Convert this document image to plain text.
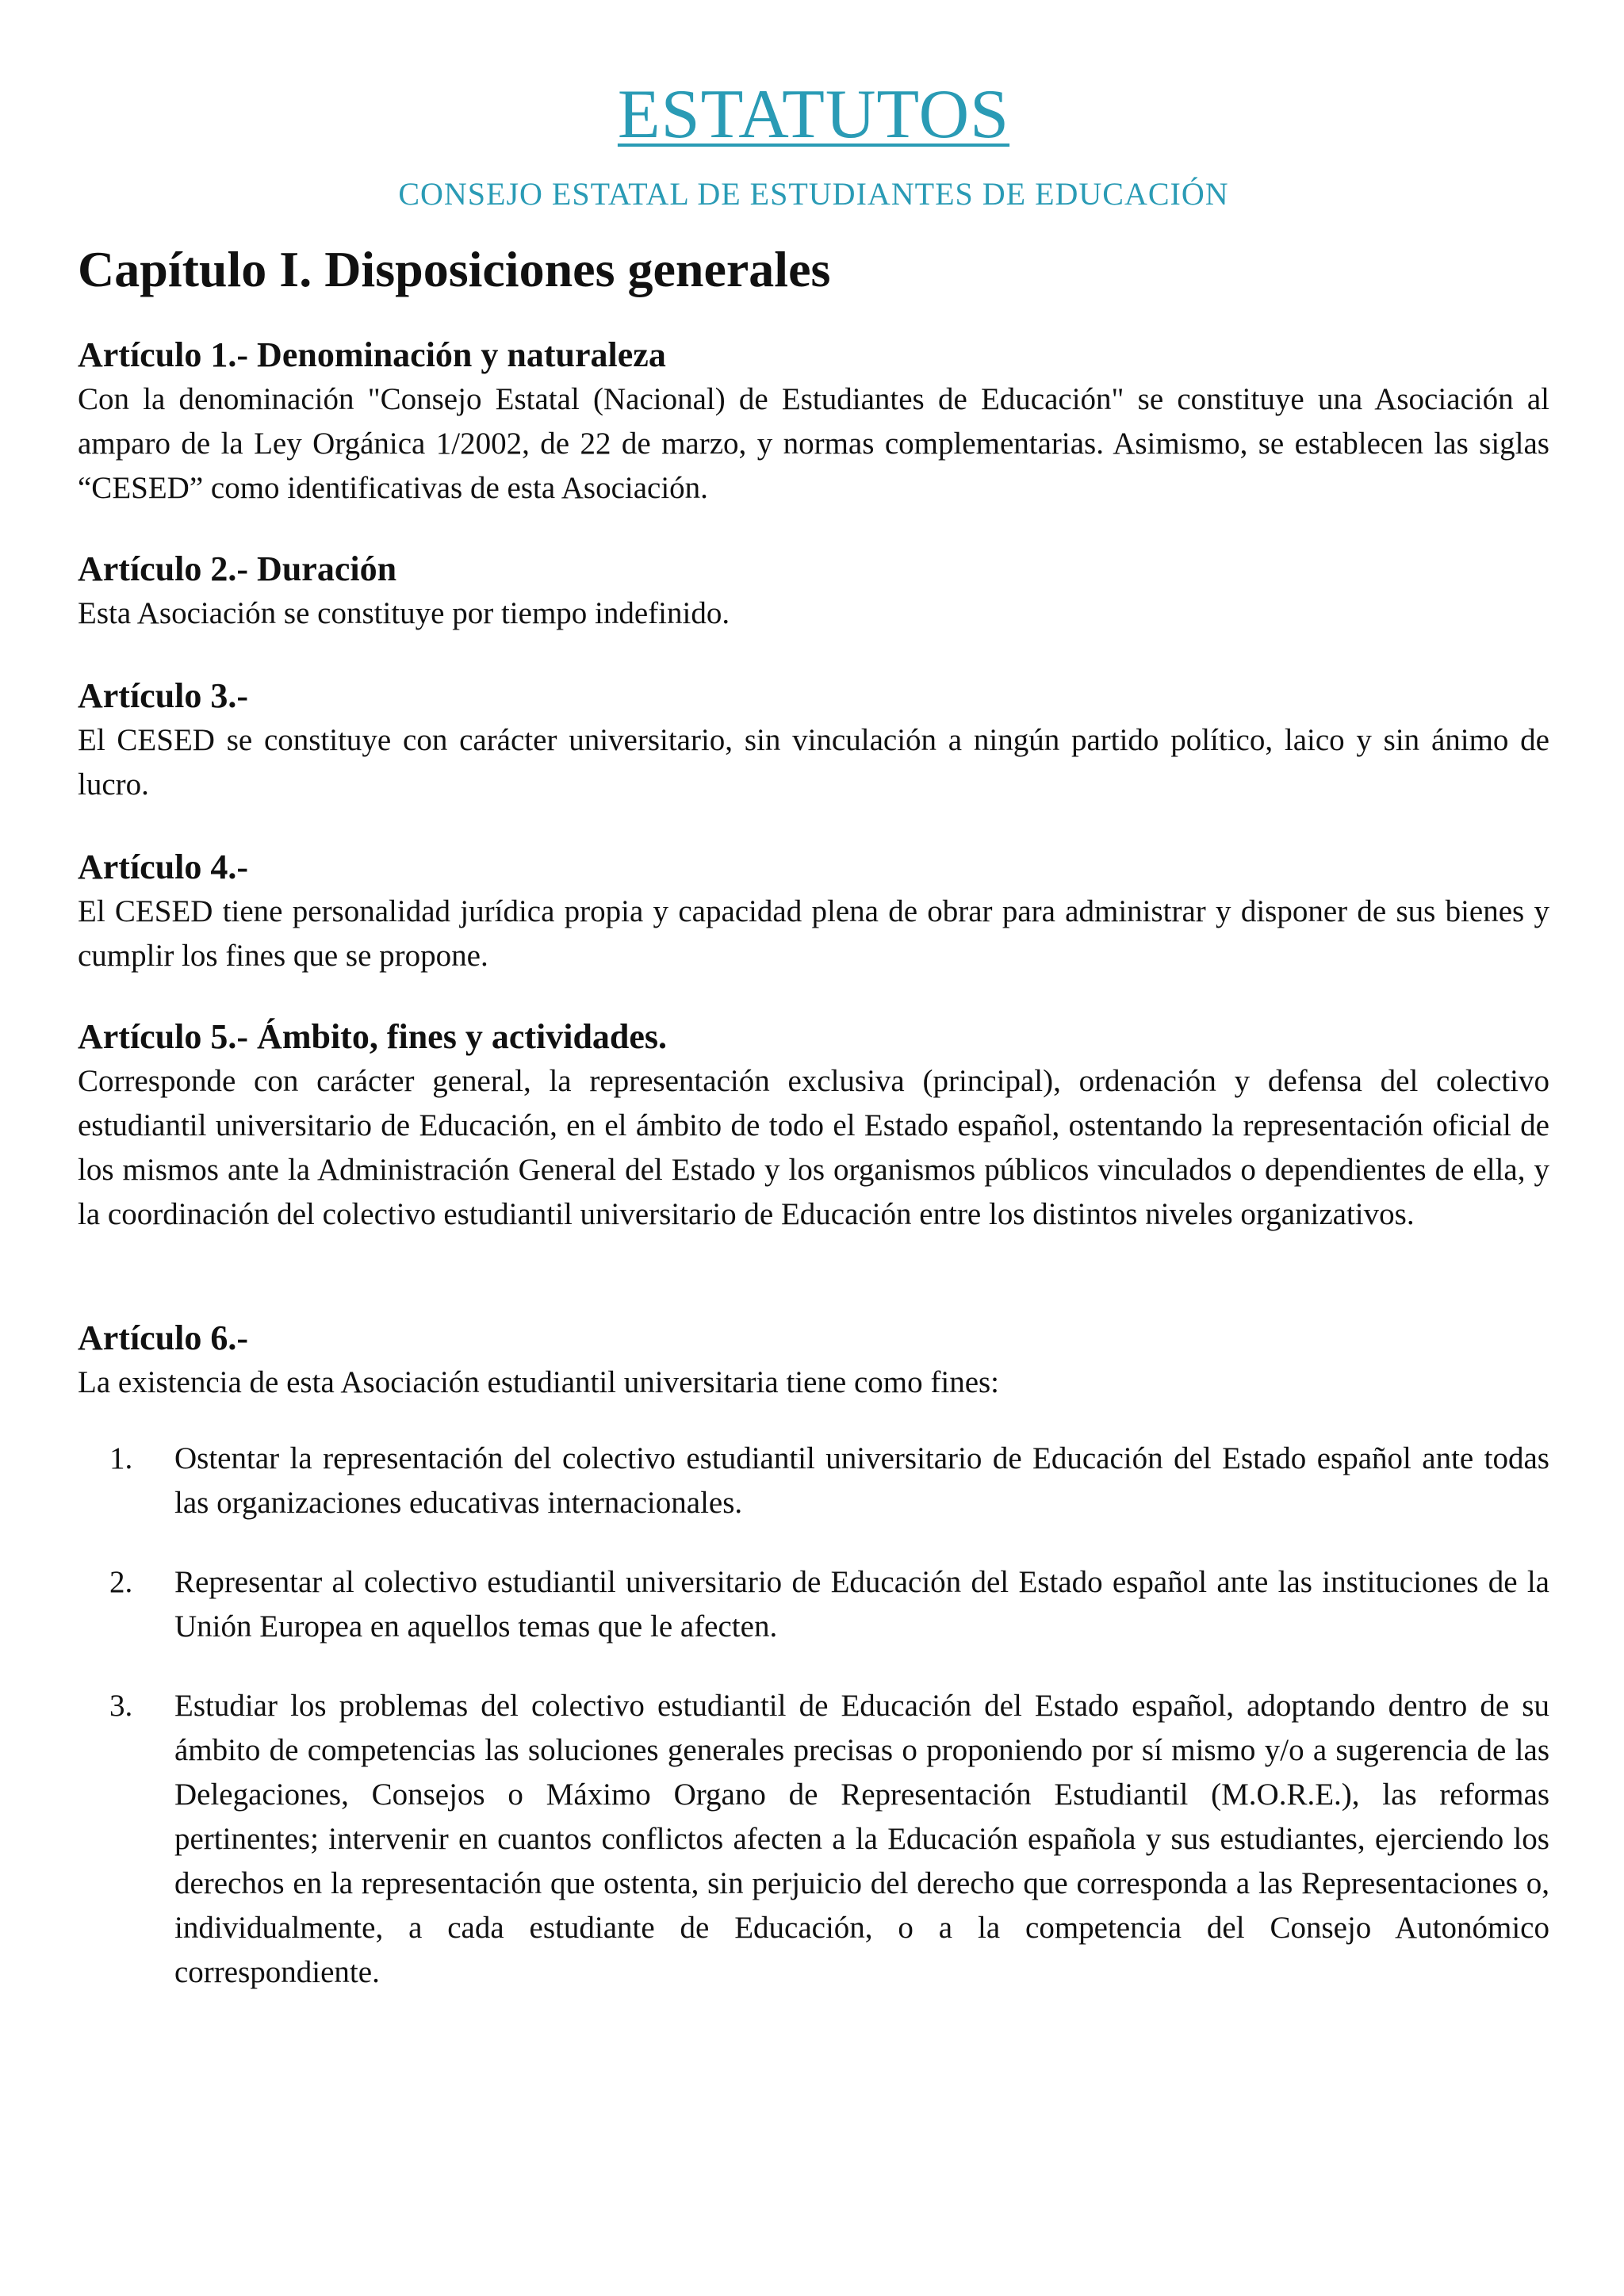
ESTATUTOS
CONSEJO ESTATAL DE ESTUDIANTES DE EDUCACIÓN
Capítulo I. Disposiciones generales
Artículo 1.- Denominación y naturaleza

Con la denominación "Consejo Estatal (Nacional) de Estudiantes de Educación" se constituye una Asociación al amparo de la Ley Orgánica 1/2002, de 22 de marzo, y normas complementarias. Asimismo, se establecen las siglas “CESED” como identificativas de esta Asociación.

Artículo 2.- Duración

Esta Asociación se constituye por tiempo indefinido.

Artículo 3.-

El CESED se constituye con carácter universitario, sin vinculación a ningún partido político, laico y sin ánimo de lucro.

Artículo 4.-

El CESED tiene personalidad jurídica propia y capacidad plena de obrar para administrar y disponer de sus bienes y cumplir los fines que se propone.

Artículo 5.- Ámbito, fines y actividades.

Corresponde con carácter general, la representación exclusiva (principal), ordenación y defensa del colectivo estudiantil universitario de Educación, en el ámbito de todo el Estado español, ostentando la representación oficial de los mismos ante la Administración General del Estado y los organismos públicos vinculados o dependientes de ella, y la coordinación del colectivo estudiantil universitario de Educación entre los distintos niveles organizativos.

Artículo 6.-

La existencia de esta Asociación estudiantil universitaria tiene como fines:

1. Ostentar la representación del colectivo estudiantil universitario de Educación del Estado español ante todas las organizaciones educativas internacionales.
2. Representar al colectivo estudiantil universitario de Educación del Estado español ante las instituciones de la Unión Europea en aquellos temas que le afecten.
3. Estudiar los problemas del colectivo estudiantil de Educación del Estado español, adoptando dentro de su ámbito de competencias las soluciones generales precisas o proponiendo por sí mismo y/o a sugerencia de las Delegaciones, Consejos o Máximo Organo de Representación Estudiantil (M.O.R.E.), las reformas pertinentes; intervenir en cuantos conflictos afecten a la Educación española y sus estudiantes, ejerciendo los derechos en la representación que ostenta, sin perjuicio del derecho que corresponda a las Representaciones o, individualmente, a cada estudiante de Educación, o a la competencia del Consejo Autonómico correspondiente.
